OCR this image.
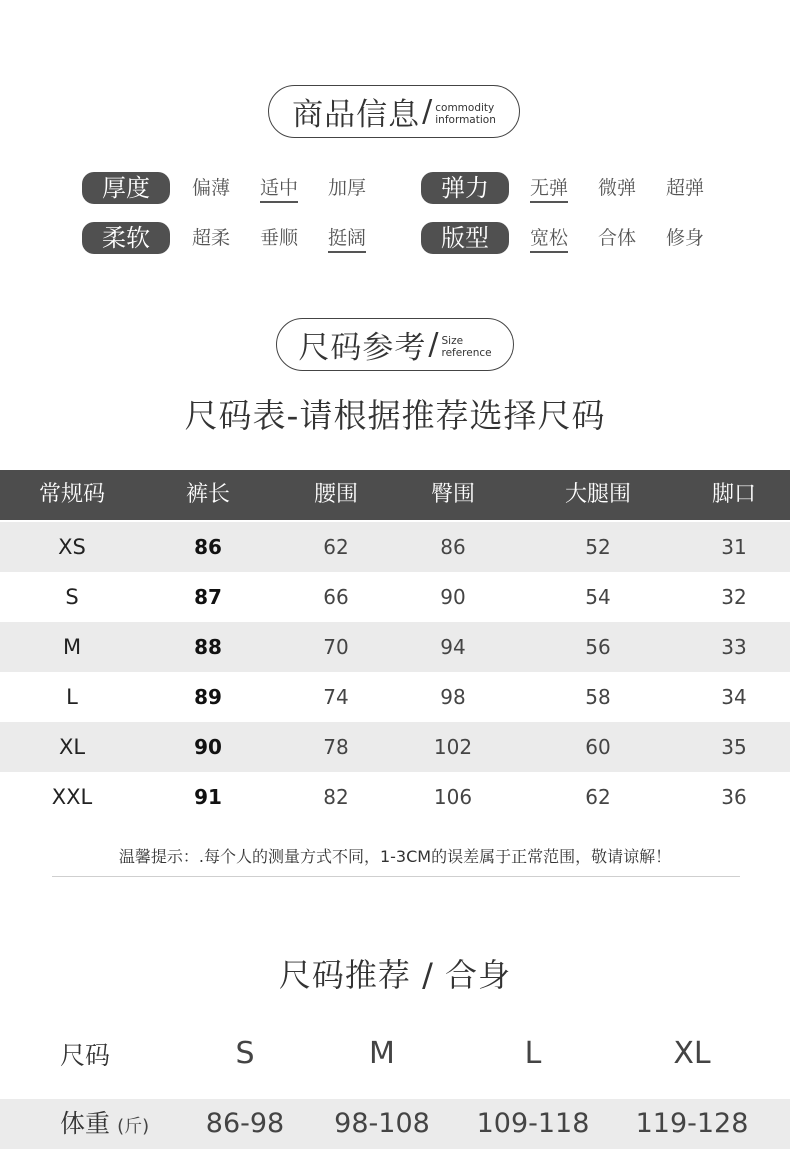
商品信息 / commodity
information
厚度	偏薄 适中 加厚	弹力	无弹 微弹 超弹
柔软	超柔 垂顺 挺阔	版型	宽松 合体 修身
尺码参考 / Size
reference
尺码表-请根据推荐选择尺码
常规码	裤长	腰围	臀围	大腿围	脚口
XS	86	62	86	52	31
S	87	66	90	54	32
M	88	70	94	56	33
L	89	74	98	58	34
XL	90	78	102	60	35
XXL	91	82	106	62	36
温馨提示：.每个人的测量方式不同，1-3CM的误差属于正常范围，敬请谅解！
尺码推荐 / 合身
尺码	S	M	L	XL
体重 (斤) 86-98 98-108 109-118 119-128
